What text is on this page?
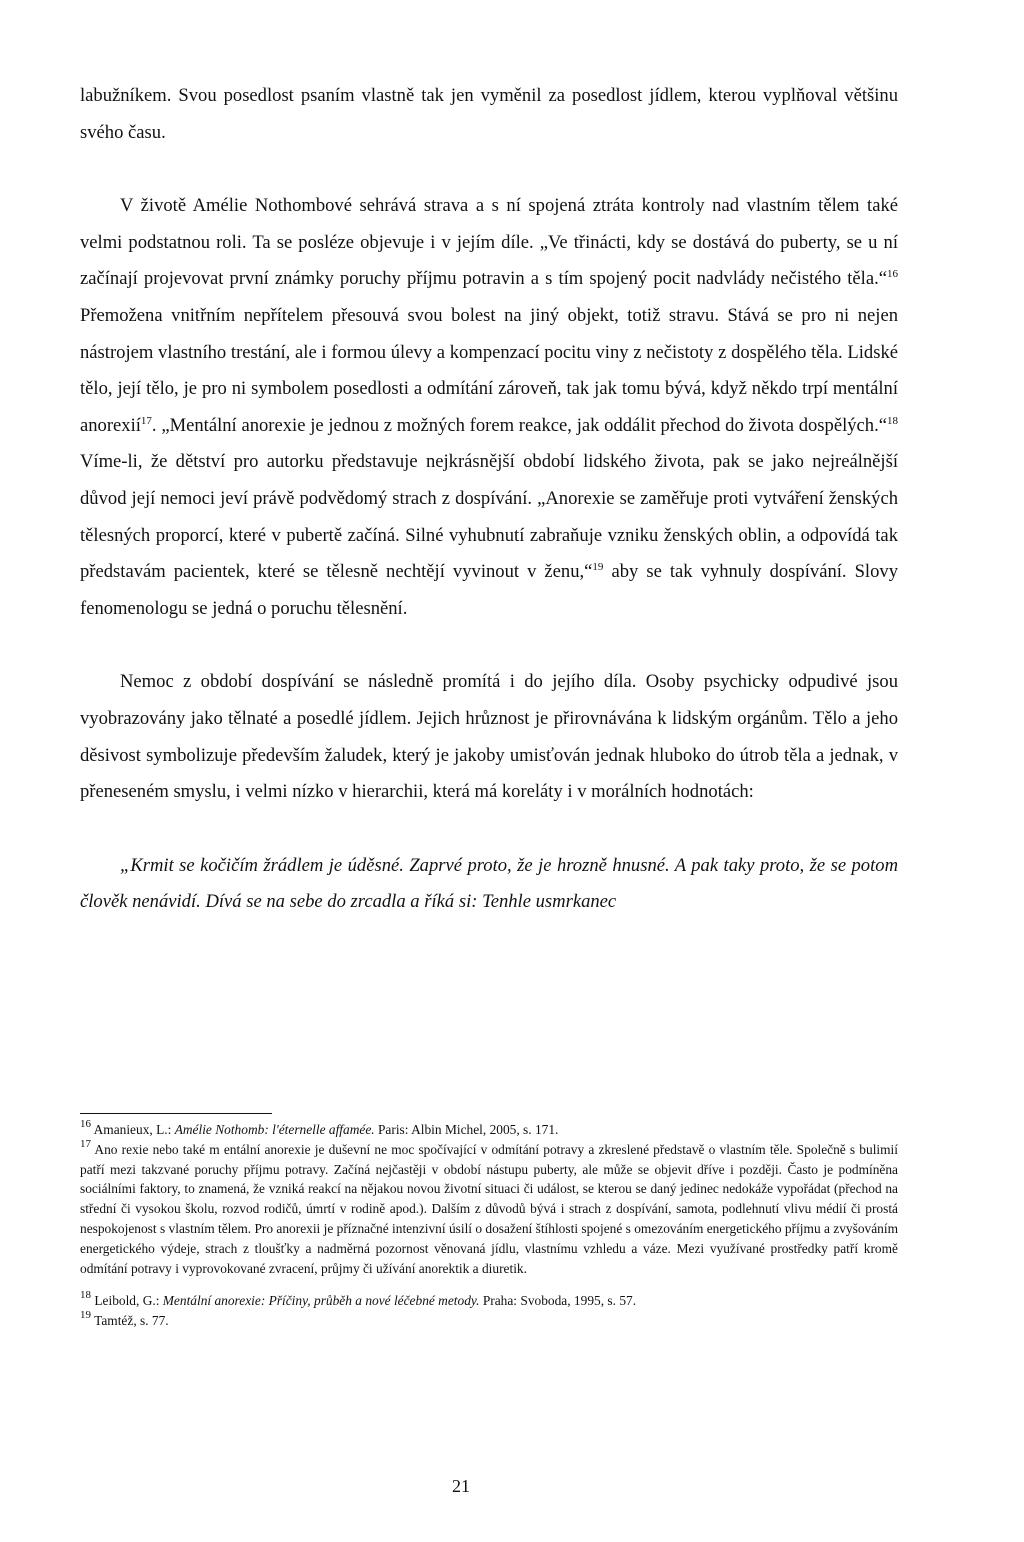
labužníkem. Svou posedlost psaním vlastně tak jen vyměnil za posedlost jídlem, kterou vyplňoval většinu svého času.

V životě Amélie Nothombové sehrává strava a s ní spojená ztráta kontroly nad vlastním tělem také velmi podstatnou roli. Ta se posléze objevuje i v jejím díle. „Ve třinácti, kdy se dostává do puberty, se u ní začínají projevovat první známky poruchy příjmu potravin a s tím spojený pocit nadvlády nečistého těla.“$^{16}$ Přemožena vnitřním nepřítelem přesouvá svou bolest na jiný objekt, totiž stravu. Stává se pro ni nejen nástrojem vlastního trestání, ale i formou úlevy a kompenzací pocitu viny z nečistoty z dospělého těla. Lidské tělo, její tělo, je pro ni symbolem posedlosti a odmítání zároveň, tak jak tomu bývá, když někdo trpí mentální anorexií$^{17}$. „Mentální anorexie je jednou z možných forem reakce, jak oddálit přechod do života dospělých.“$^{18}$ Víme-li, že dětství pro autorku představuje nejkrásnější období lidského života, pak se jako nejreálnější důvod její nemoci jeví právě podvědomý strach z dospívání. „Anorexie se zaměřuje proti vytváření ženských tělesných proporcí, které v pubertě začíná. Silné vyhubnutí zabraňuje vzniku ženských oblin, a odpovídá tak představám pacientek, které se tělesně nechtějí vyvinout v ženu,“$^{19}$ aby se tak vyhnuly dospívání. Slovy fenomenologu se jedná o poruchu tělesnění.

Nemoc z období dospívání se následně promítá i do jejího díla. Osoby psychicky odpudivé jsou vyobrazovány jako tělnaté a posedlé jídlem. Jejich hrůznost je přirovnávána k lidským orgánům. Tělo a jeho děsivost symbolizuje především žaludek, který je jakoby umisťován jednak hluboko do útrob těla a jednak, v přeneseném smyslu, i velmi nízko v hierarchii, která má koreláty i v morálních hodnotách:

„Krmit se kočičím žrádlem je úděsné. Zaprvé proto, že je hrozně hnusné. A pak taky proto, že se potom člověk nenávidí. Dívá se na sebe do zrcadla a říká si: Tenhle usmrkanec

$^{16}$ Amanieux, L.: Amélie Nothomb: l'éternelle affamée. Paris: Albin Michel, 2005, s. 171.

$^{17}$ Ano rexie nebo také m entální anorexie je duševní ne moc spočívající v odmítání potravy a zkreslené představě o vlastním těle. Společně s bulimií patří mezi takzvané poruchy příjmu potravy. Začíná nejčastěji v období nástupu puberty, ale může se objevit dříve i později. Často je podmíněna sociálními faktory, to znamená, že vzniká reakcí na nějakou novou životní situaci či událost, se kterou se daný jedinec nedokáže vypořádat (přechod na střední či vysokou školu, rozvod rodičů, úmrtí v rodině apod.). Dalším z důvodů bývá i strach z dospívání, samota, podlehnutí vlivu médií či prostá nespokojenost s vlastním tělem. Pro anorexii je příznačné intenzivní úsilí o dosažení štíhlosti spojené s omezováním energetického příjmu a zvyšováním energetického výdeje, strach z tloušťky a nadměrná pozornost věnovaná jídlu, vlastnímu vzhledu a váze. Mezi využívané prostředky patří kromě odmítání potravy i vyprovokované zvracení, průjmy či užívání anorektik a diuretik.

$^{18}$ Leibold, G.: Mentální anorexie: Příčiny, průběh a nové léčebné metody. Praha: Svoboda, 1995, s. 57.

$^{19}$ Tamtéž, s. 77.

21
